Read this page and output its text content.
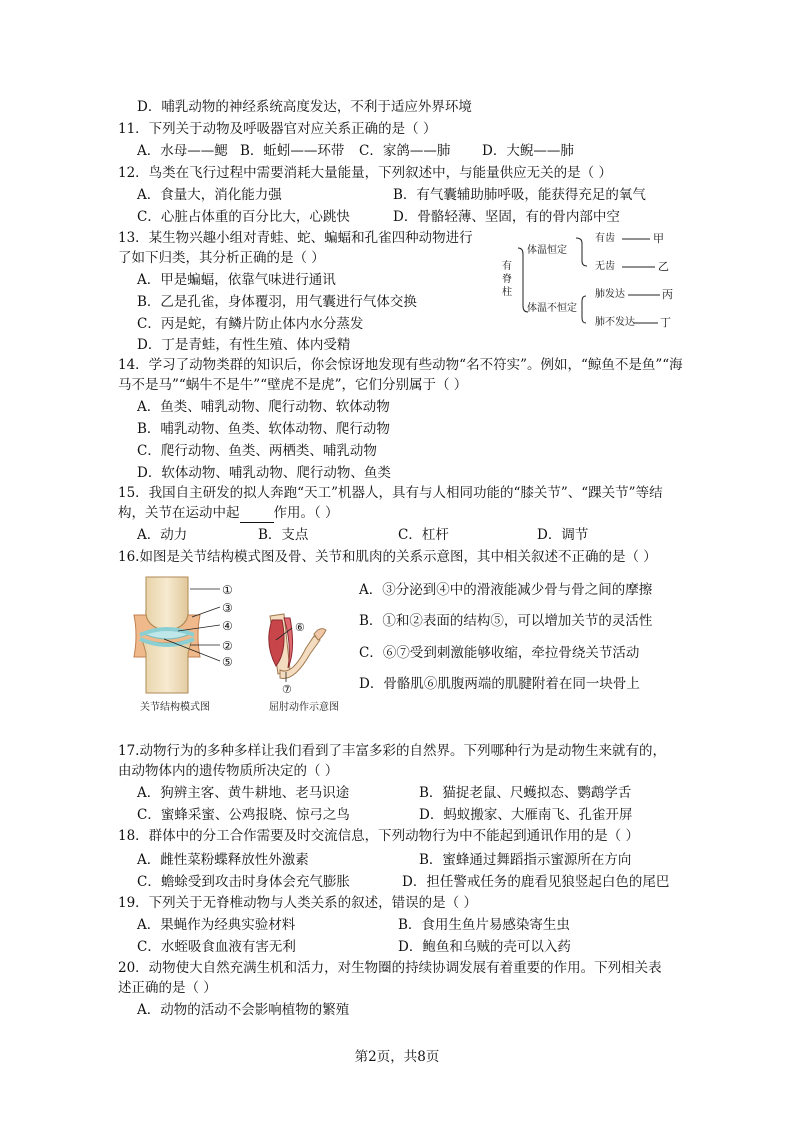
D．哺乳动物的神经系统高度发达，不利于适应外界环境
11．下列关于动物及呼吸器官对应关系正确的是（ ）
A．水母——鳃 B．蚯蚓——环带 C．家鸽——肺 D．大鲵——肺
12．鸟类在飞行过程中需要消耗大量能量，下列叙述中，与能量供应无关的是（ ）
A．食量大，消化能力强	B．有气囊辅助肺呼吸，能获得充足的氧气
C．心脏占体重的百分比大，心跳快	D．骨骼轻薄、坚固，有的骨内部中空
13．某生物兴趣小组对青蛙、蛇、蝙蝠和孔雀四种动物进行
了如下归类，其分析正确的是（ ）
A．甲是蝙蝠，依靠气味进行通讯
B．乙是孔雀，身体覆羽，用气囊进行气体交换
C．丙是蛇，有鳞片防止体内水分蒸发
D．丁是青蛙，有性生殖、体内受精
有脊柱
体温恒定
体温不恒定
有齿
无齿
肺发达
肺不发达
甲
乙
丙
丁
14．学习了动物类群的知识后，你会惊讶地发现有些动物“名不符实”。例如，“鲸鱼不是鱼”“海
马不是马”“蜗牛不是牛”“壁虎不是虎”，它们分别属于（ ）
A．鱼类、哺乳动物、爬行动物、软体动物
B．哺乳动物、鱼类、软体动物、爬行动物
C．爬行动物、鱼类、两栖类、哺乳动物
D．软体动物、哺乳动物、爬行动物、鱼类
15．我国自主研发的拟人奔跑“天工”机器人，具有与人相同功能的“膝关节”、“踝关节”等结
构，关节在运动中起	作用。（ ）
A．动力	B．支点	C．杠杆	D．调节
16.如图是关节结构模式图及骨、关节和肌肉的关系示意图，其中相关叙述不正确的是（ ）
①
③
④
②
⑤
关节结构模式图
⑥
⑦
屈肘动作示意图
A．③分泌到④中的滑液能减少骨与骨之间的摩擦
B．①和②表面的结构⑤，可以增加关节的灵活性
C．⑥⑦受到刺激能够收缩，牵拉骨绕关节活动
D．骨骼肌⑥肌腹两端的肌腱附着在同一块骨上
17.动物行为的多种多样让我们看到了丰富多彩的自然界。下列哪种行为是动物生来就有的，
由动物体内的遗传物质所决定的（ ）
A．狗辨主客、黄牛耕地、老马识途	B．猫捉老鼠、尺蠖拟态、鹦鹉学舌
C．蜜蜂采蜜、公鸡报晓、惊弓之鸟	D．蚂蚁搬家、大雁南飞、孔雀开屏
18．群体中的分工合作需要及时交流信息，下列动物行为中不能起到通讯作用的是（ ）
A．雌性菜粉蝶释放性外激素	B．蜜蜂通过舞蹈指示蜜源所在方向
C．蟾蜍受到攻击时身体会充气膨胀	D．担任警戒任务的鹿看见狼竖起白色的尾巴
19．下列关于无脊椎动物与人类关系的叙述，错误的是（ ）
A．果蝇作为经典实验材料	B．食用生鱼片易感染寄生虫
C．水蛭吸食血液有害无利	D．鲍鱼和乌贼的壳可以入药
20．动物使大自然充满生机和活力，对生物圈的持续协调发展有着重要的作用。下列相关表
述正确的是（ ）
A．动物的活动不会影响植物的繁殖
第2页，共8页
